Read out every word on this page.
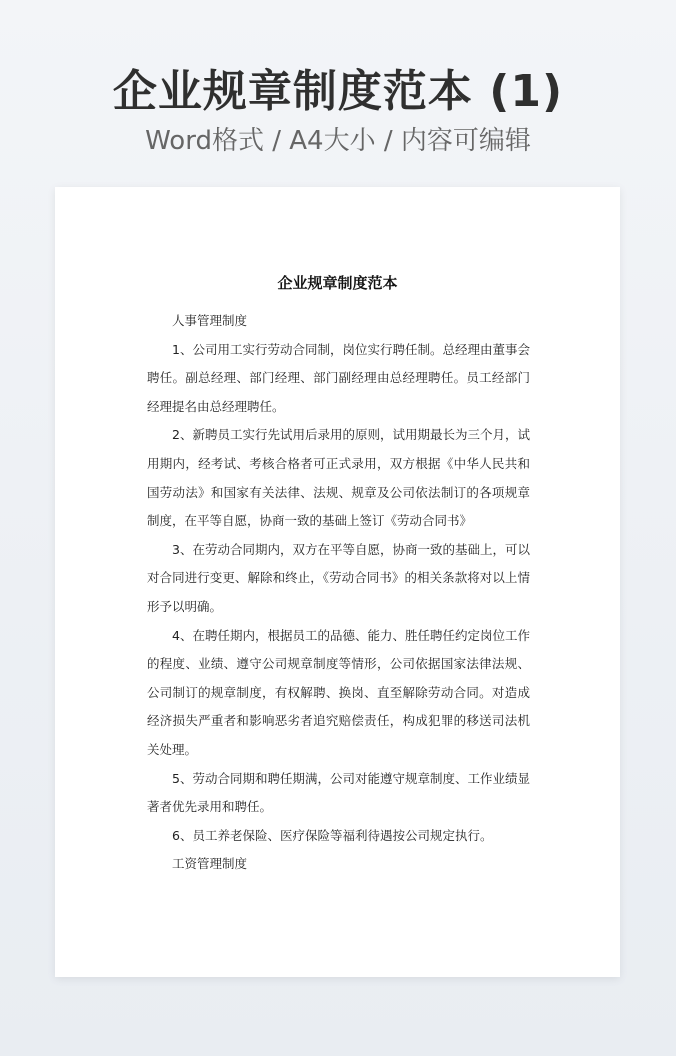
企业规章制度范本 (1)
Word格式 / A4大小 / 内容可编辑
企业规章制度范本

人事管理制度

1、公司用工实行劳动合同制，岗位实行聘任制。总经理由董事会聘任。副总经理、部门经理、部门副经理由总经理聘任。员工经部门经理提名由总经理聘任。

2、新聘员工实行先试用后录用的原则，试用期最长为三个月，试用期内，经考试、考核合格者可正式录用，双方根据《中华人民共和国劳动法》和国家有关法律、法规、规章及公司依法制订的各项规章制度，在平等自愿，协商一致的基础上签订《劳动合同书》

3、在劳动合同期内，双方在平等自愿，协商一致的基础上，可以对合同进行变更、解除和终止，《劳动合同书》的相关条款将对以上情形予以明确。

4、在聘任期内，根据员工的品德、能力、胜任聘任约定岗位工作的程度、业绩、遵守公司规章制度等情形，公司依据国家法律法规、公司制订的规章制度，有权解聘、换岗、直至解除劳动合同。对造成经济损失严重者和影响恶劣者追究赔偿责任，构成犯罪的移送司法机关处理。

5、劳动合同期和聘任期满，公司对能遵守规章制度、工作业绩显著者优先录用和聘任。

6、员工养老保险、医疗保险等福利待遇按公司规定执行。

工资管理制度
